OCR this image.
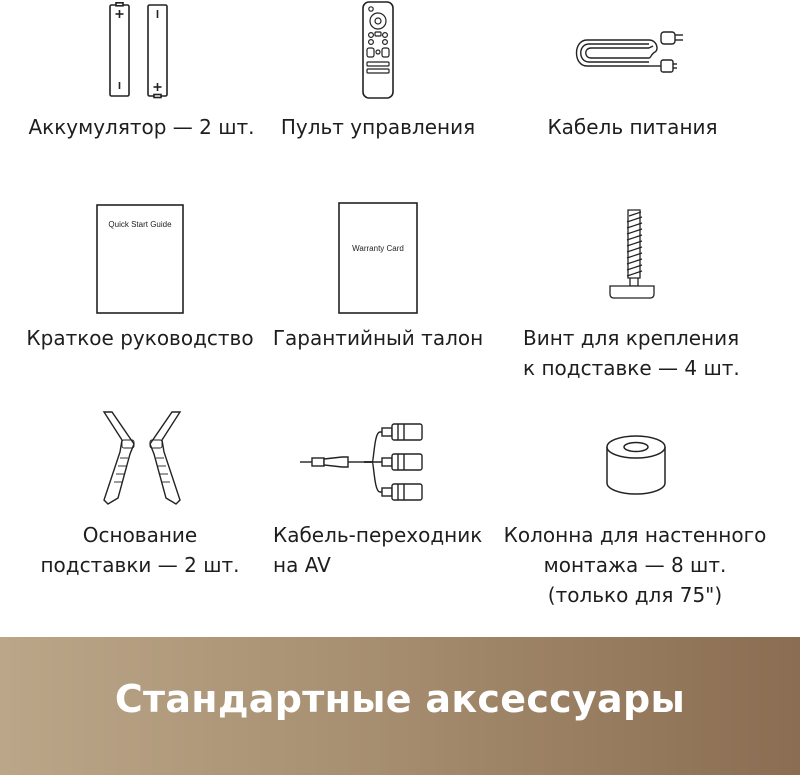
Аккумулятор — 2 шт.	Пульт управления	Кабель питания
Quick Start Guide
Краткое руководство
Warranty Card
Гарантийный талон Винт для крепления
к подставке — 4 шт.
Основание
подставки — 2 шт.
Кабель-переходник
на AV
Колонна для настенного
монтажа — 8 шт.
(только для 75")
Стандартные аксессуары
